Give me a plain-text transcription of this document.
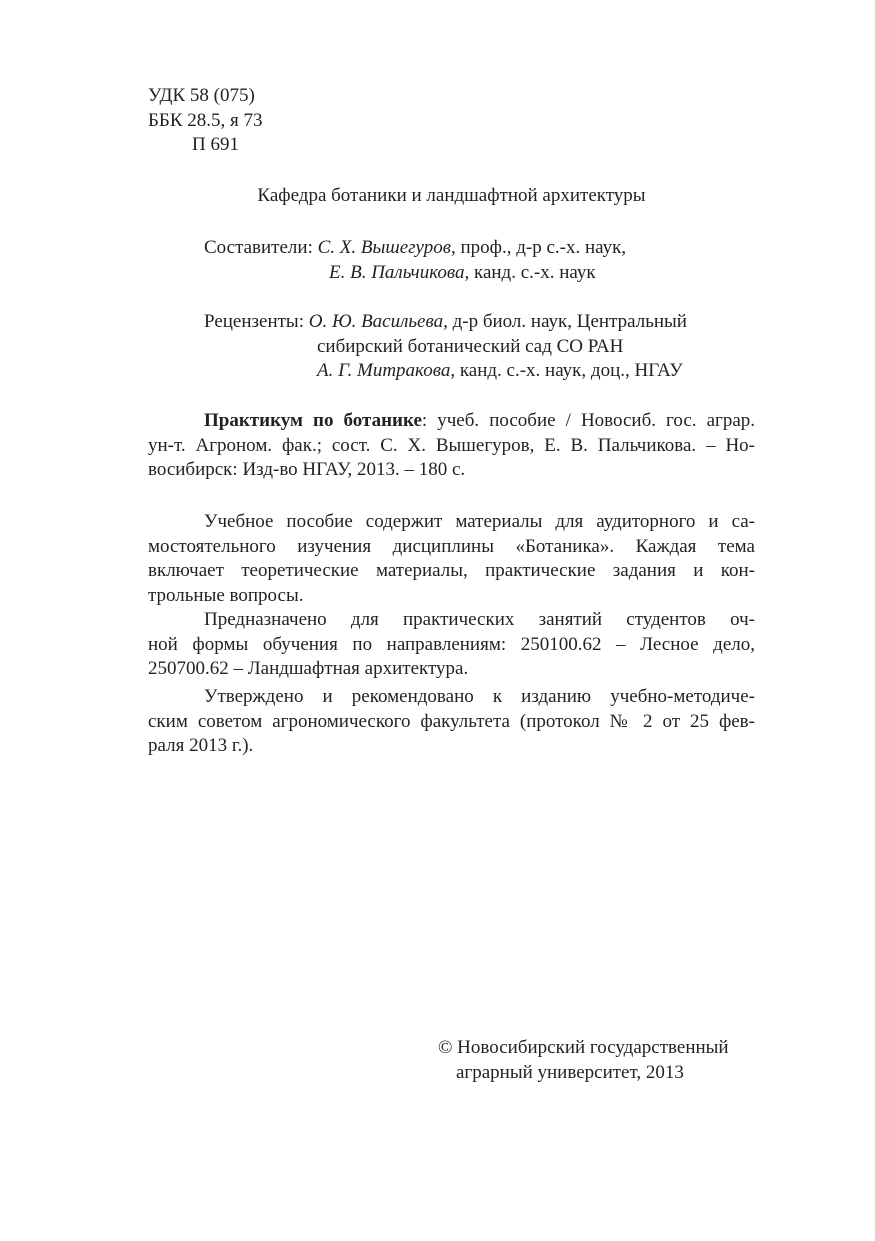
УДК 58 (075)
ББК 28.5, я 73
П 691
Кафедра ботаники и ландшафтной архитектуры
Составители: С. Х. Вышегуров, проф., д-р с.-х. наук,
Е. В. Пальчикова, канд. с.-х. наук
Рецензенты: О. Ю. Васильева, д-р биол. наук, Центральный
сибирский ботанический сад СО РАН
А. Г. Митракова, канд. с.-х. наук, доц., НГАУ
Практикум по ботанике: учеб. пособие / Новосиб. гос. аграр.
ун-т. Агроном. фак.; сост. С. Х. Вышегуров, Е. В. Пальчикова. – Но-
восибирск: Изд-во НГАУ, 2013. – 180 с.
Учебное пособие содержит материалы для аудиторного и са-
мостоятельного изучения дисциплины «Ботаника». Каждая тема
включает теоретические материалы, практические задания и кон-
трольные вопросы.
Предназначено для практических занятий студентов оч-
ной формы обучения по направлениям: 250100.62 – Лесное дело,
250700.62 – Ландшафтная архитектура.
Утверждено и рекомендовано к изданию учебно-методиче-
ским советом агрономического факультета (протокол № 2 от 25 фев-
раля 2013 г.).
© Новосибирский государственный
аграрный университет, 2013
